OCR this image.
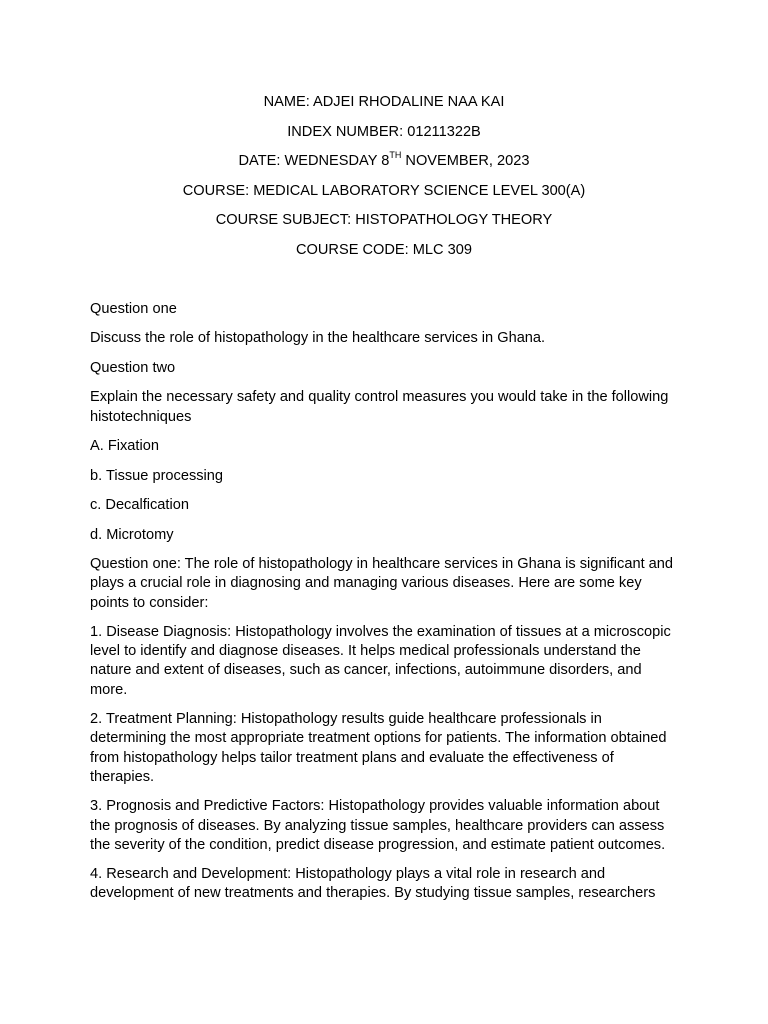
NAME: ADJEI RHODALINE NAA KAI
INDEX NUMBER: 01211322B
DATE: WEDNESDAY 8TH NOVEMBER, 2023
COURSE: MEDICAL LABORATORY SCIENCE LEVEL 300(A)
COURSE SUBJECT: HISTOPATHOLOGY THEORY
COURSE CODE: MLC 309

Question one

Discuss the role of histopathology in the healthcare services in Ghana.

Question two

Explain the necessary safety and quality control measures you would take in the following histotechniques

A. Fixation

b. Tissue processing

c. Decalfication

d. Microtomy

Question one: The role of histopathology in healthcare services in Ghana is significant and plays a crucial role in diagnosing and managing various diseases. Here are some key points to consider:

1. Disease Diagnosis: Histopathology involves the examination of tissues at a microscopic level to identify and diagnose diseases. It helps medical professionals understand the nature and extent of diseases, such as cancer, infections, autoimmune disorders, and more.

2. Treatment Planning: Histopathology results guide healthcare professionals in determining the most appropriate treatment options for patients. The information obtained from histopathology helps tailor treatment plans and evaluate the effectiveness of therapies.

3. Prognosis and Predictive Factors: Histopathology provides valuable information about the prognosis of diseases. By analyzing tissue samples, healthcare providers can assess the severity of the condition, predict disease progression, and estimate patient outcomes.

4. Research and Development: Histopathology plays a vital role in research and development of new treatments and therapies. By studying tissue samples, researchers
